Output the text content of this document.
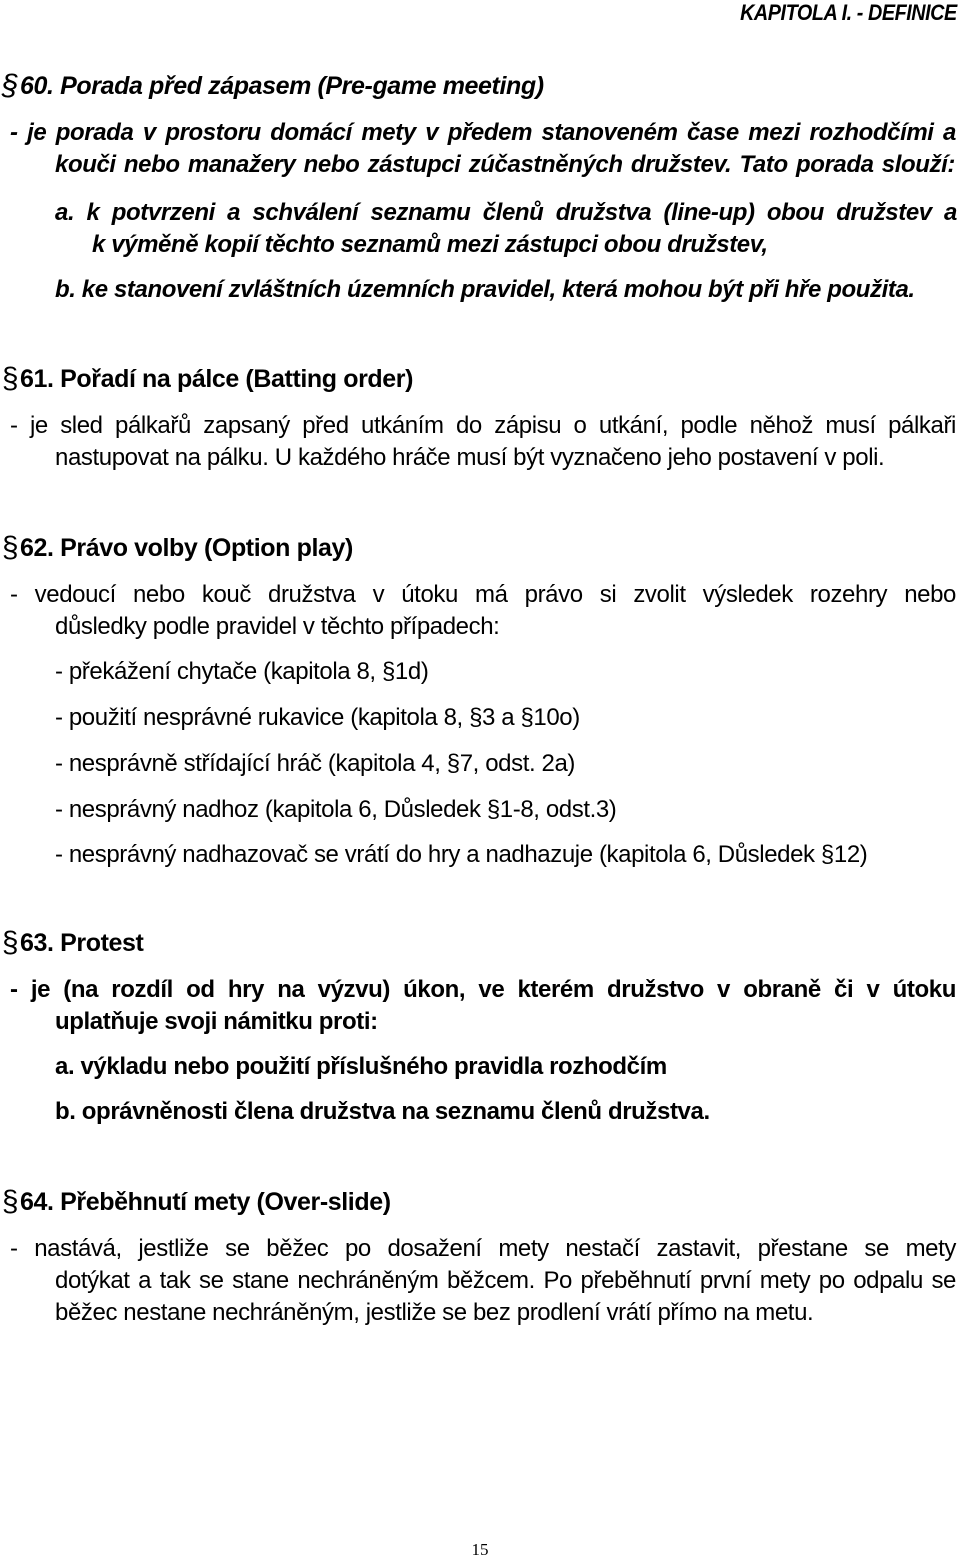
KAPITOLA I. - DEFINICE
§60. Porada před zápasem (Pre-game meeting)
- je porada v prostoru domácí mety v předem stanoveném čase mezi rozhodčími a
kouči nebo manažery nebo zástupci zúčastněných družstev. Tato porada slouží:
a. k potvrzeni a schválení seznamu členů družstva (line-up) obou družstev a
k výměně kopií těchto seznamů mezi zástupci obou družstev,
b. ke stanovení zvláštních územních pravidel, která mohou být při hře použita.
§61. Pořadí na pálce (Batting order)
- je sled pálkařů zapsaný před utkáním do zápisu o utkání, podle něhož musí pálkaři
nastupovat na pálku. U každého hráče musí být vyznačeno jeho postavení v poli.
§62. Právo volby (Option play)
- vedoucí nebo kouč družstva v útoku má právo si zvolit výsledek rozehry nebo
důsledky podle pravidel v těchto případech:
- překážení chytače (kapitola 8, §1d)
- použití nesprávné rukavice (kapitola 8, §3 a §10o)
- nesprávně střídající hráč (kapitola 4, §7, odst. 2a)
- nesprávný nadhoz (kapitola 6, Důsledek §1-8, odst.3)
- nesprávný nadhazovač se vrátí do hry a nadhazuje (kapitola 6, Důsledek §12)
§63. Protest
- je (na rozdíl od hry na výzvu) úkon, ve kterém družstvo v obraně či v útoku
uplatňuje svoji námitku proti:
a. výkladu nebo použití příslušného pravidla rozhodčím
b. oprávněnosti člena družstva na seznamu členů družstva.
§64. Přeběhnutí mety (Over-slide)
- nastává, jestliže se běžec po dosažení mety nestačí zastavit, přestane se mety
dotýkat a tak se stane nechráněným běžcem. Po přeběhnutí první mety po odpalu se
běžec nestane nechráněným, jestliže se bez prodlení vrátí přímo na metu.
15
